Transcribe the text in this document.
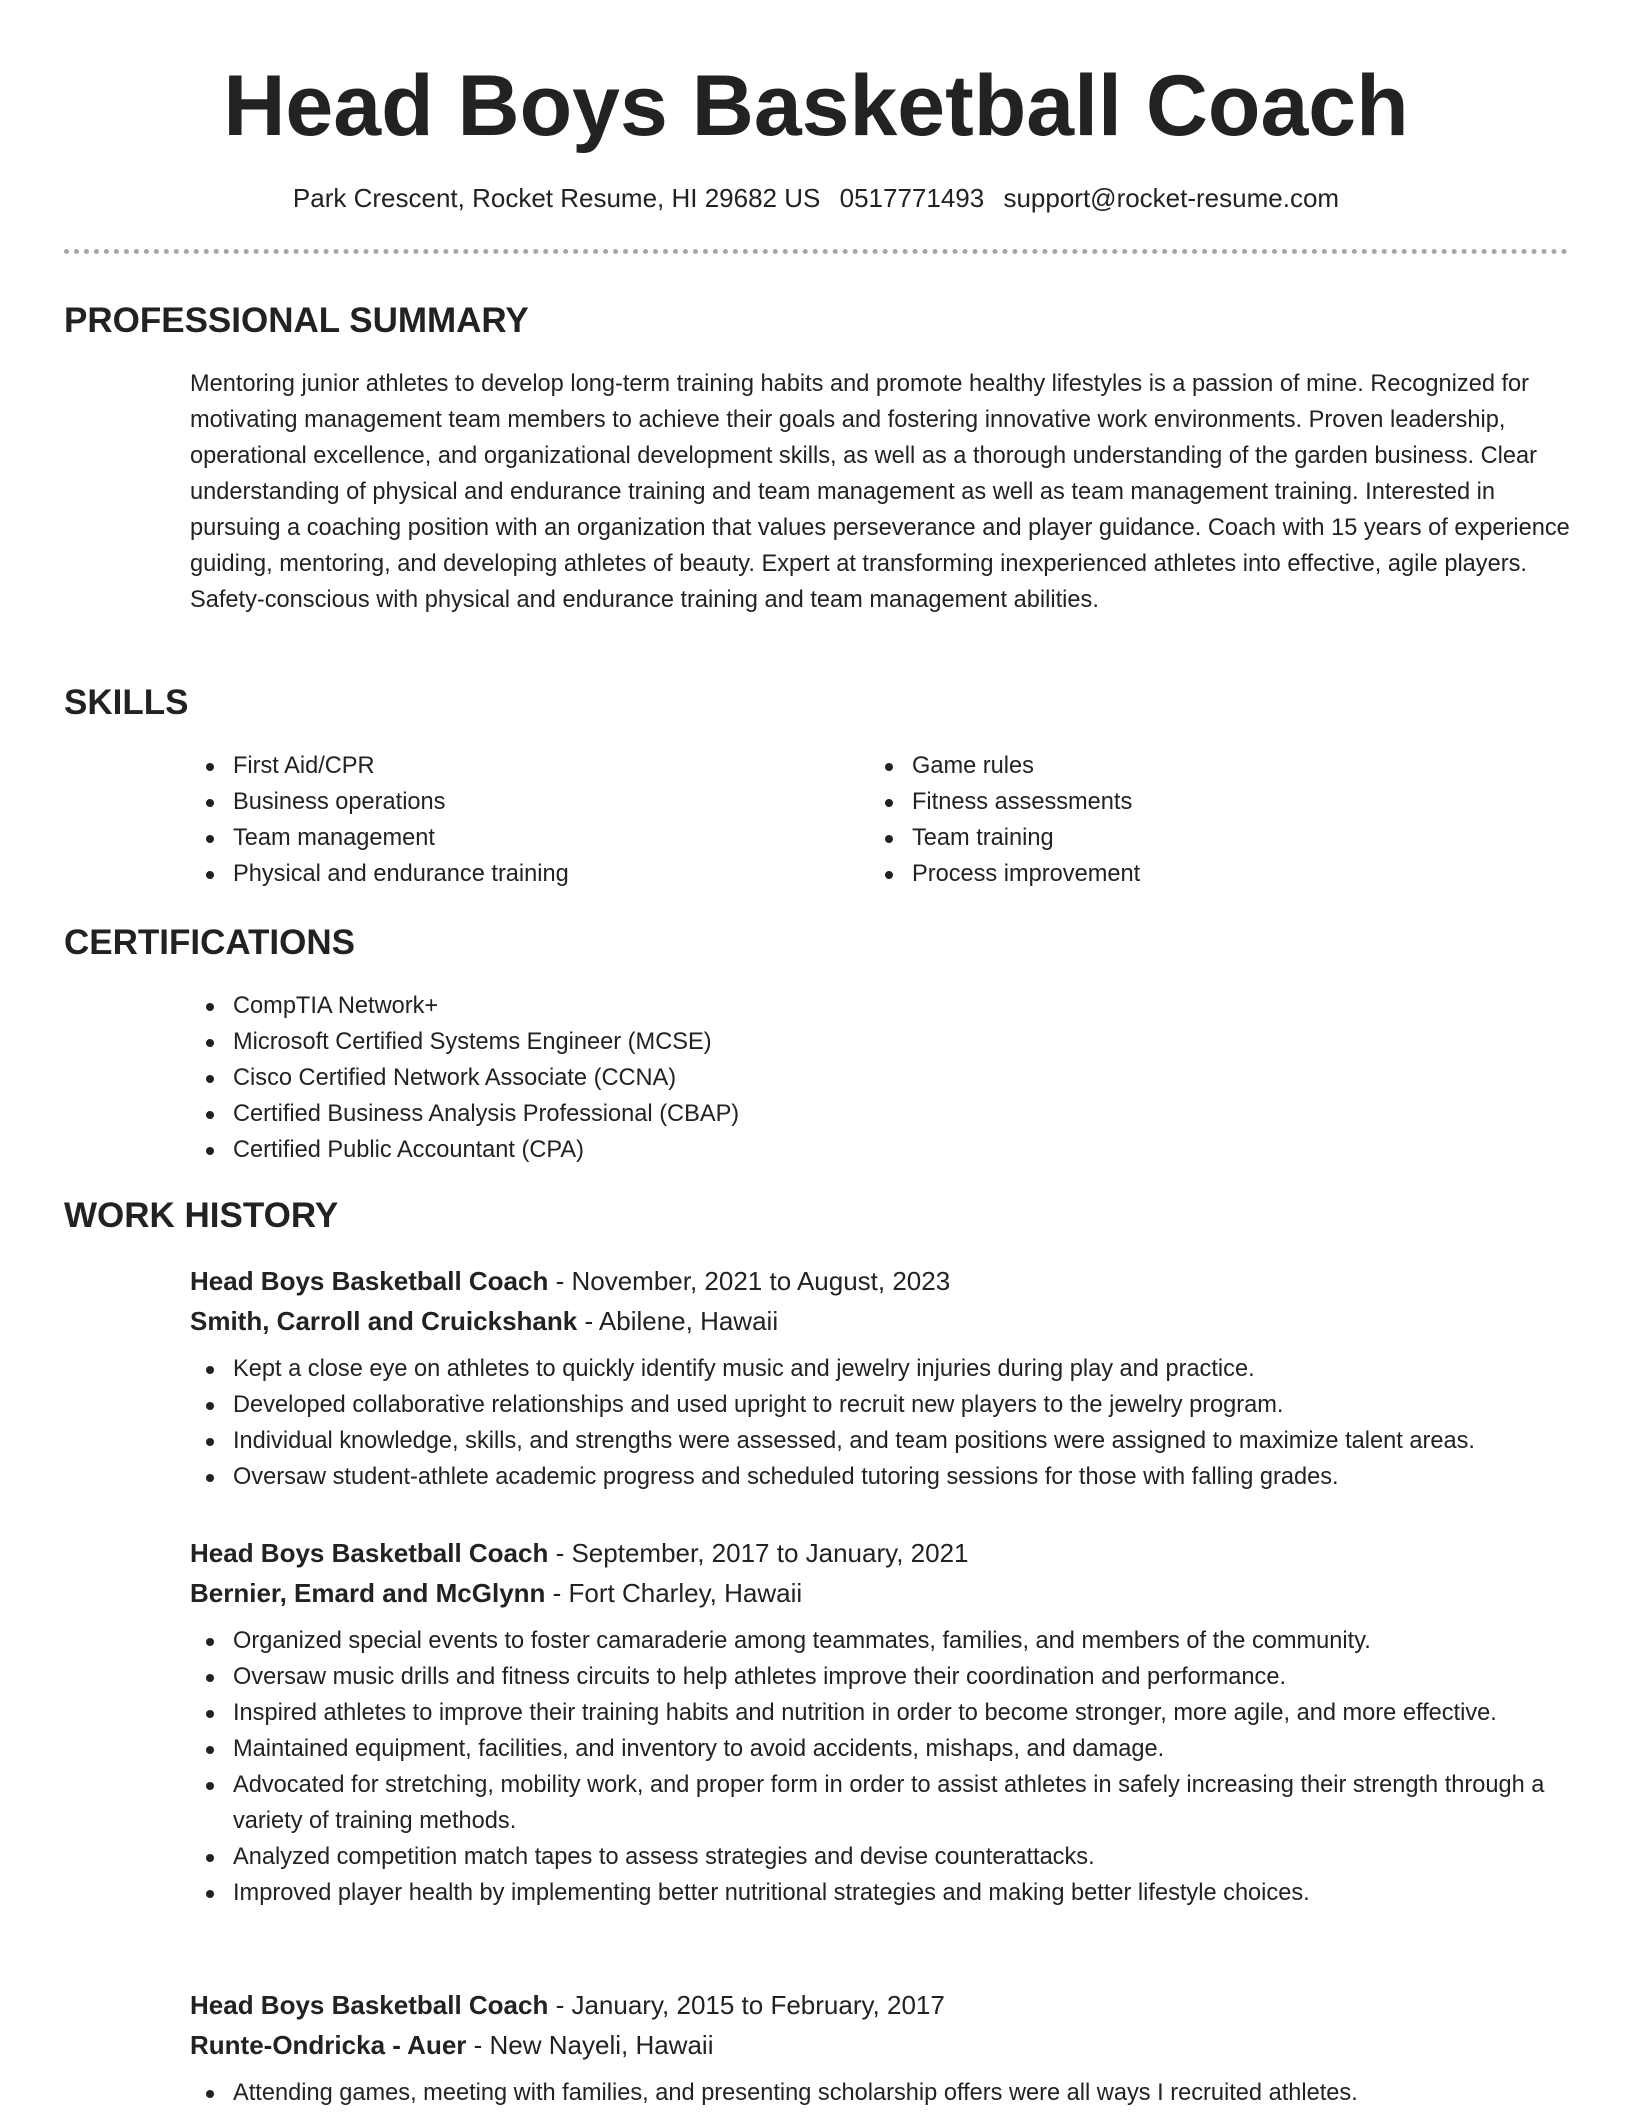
Head Boys Basketball Coach
Park Crescent, Rocket Resume, HI 29682 US 0517771493 support@rocket-resume.com
PROFESSIONAL SUMMARY

Mentoring junior athletes to develop long-term training habits and promote healthy lifestyles is a passion of mine. Recognized for motivating management team members to achieve their goals and fostering innovative work environments. Proven leadership, operational excellence, and organizational development skills, as well as a thorough understanding of the garden business. Clear understanding of physical and endurance training and team management as well as team management training. Interested in pursuing a coaching position with an organization that values perseverance and player guidance. Coach with 15 years of experience guiding, mentoring, and developing athletes of beauty. Expert at transforming inexperienced athletes into effective, agile players. Safety-conscious with physical and endurance training and team management abilities.

SKILLS
First Aid/CPR
Business operations
Team management
Physical and endurance training
Game rules
Fitness assessments
Team training
Process improvement
CERTIFICATIONS
CompTIA Network+
Microsoft Certified Systems Engineer (MCSE)
Cisco Certified Network Associate (CCNA)
Certified Business Analysis Professional (CBAP)
Certified Public Accountant (CPA)
WORK HISTORY
Head Boys Basketball Coach - November, 2021 to August, 2023
Smith, Carroll and Cruickshank - Abilene, Hawaii
Kept a close eye on athletes to quickly identify music and jewelry injuries during play and practice.
Developed collaborative relationships and used upright to recruit new players to the jewelry program.
Individual knowledge, skills, and strengths were assessed, and team positions were assigned to maximize talent areas.
Oversaw student-athlete academic progress and scheduled tutoring sessions for those with falling grades.
Head Boys Basketball Coach - September, 2017 to January, 2021
Bernier, Emard and McGlynn - Fort Charley, Hawaii
Organized special events to foster camaraderie among teammates, families, and members of the community.
Oversaw music drills and fitness circuits to help athletes improve their coordination and performance.
Inspired athletes to improve their training habits and nutrition in order to become stronger, more agile, and more effective.
Maintained equipment, facilities, and inventory to avoid accidents, mishaps, and damage.
Advocated for stretching, mobility work, and proper form in order to assist athletes in safely increasing their strength through a variety of training methods.
Analyzed competition match tapes to assess strategies and devise counterattacks.
Improved player health by implementing better nutritional strategies and making better lifestyle choices.
Head Boys Basketball Coach - January, 2015 to February, 2017
Runte-Ondricka - Auer - New Nayeli, Hawaii
Attending games, meeting with families, and presenting scholarship offers were all ways I recruited athletes.
